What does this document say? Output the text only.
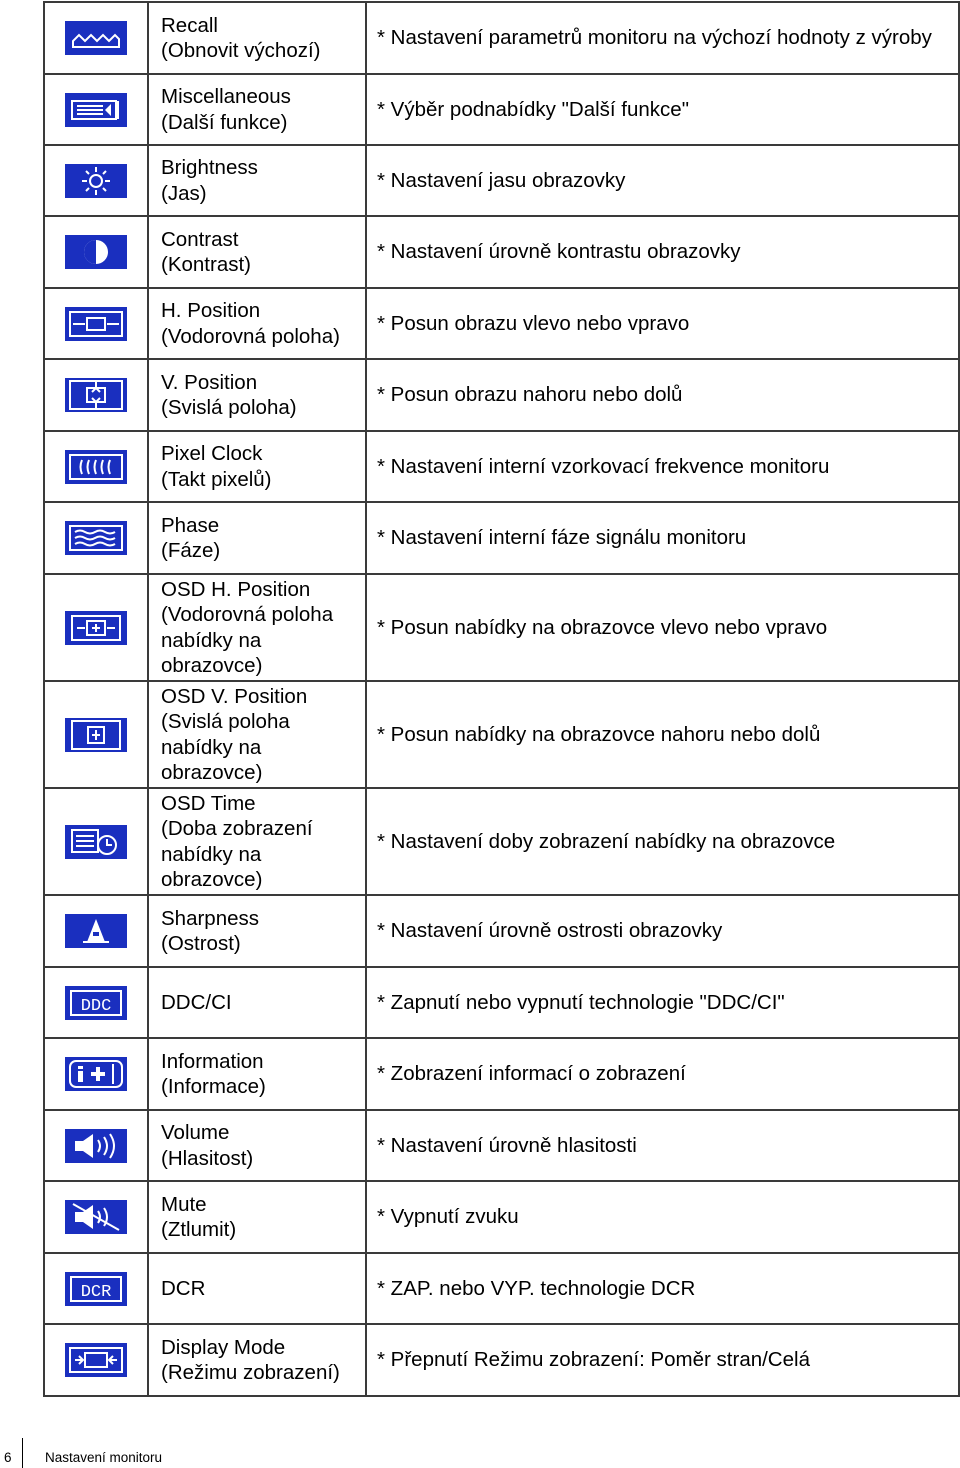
Recall
(Obnovit výchozí)	* Nastavení parametrů monitoru na výchozí hodnoty z výroby

Miscellaneous
(Další funkce)	* Výběr podnabídky "Další funkce"

Brightness
(Jas)	* Nastavení jasu obrazovky

Contrast
(Kontrast)	* Nastavení úrovně kontrastu obrazovky

H. Position
(Vodorovná poloha)	* Posun obrazu vlevo nebo vpravo

V. Position
(Svislá poloha)	* Posun obrazu nahoru nebo dolů

Pixel Clock
(Takt pixelů)	* Nastavení interní vzorkovací frekvence monitoru

Phase
(Fáze)	* Nastavení interní fáze signálu monitoru

OSD H. Position
(Vodorovná poloha
nabídky na
obrazovce)	* Posun nabídky na obrazovce vlevo nebo vpravo

OSD V. Position
(Svislá poloha
nabídky na
obrazovce)	* Posun nabídky na obrazovce nahoru nebo dolů

OSD Time
(Doba zobrazení
nabídky na
obrazovce)	* Nastavení doby zobrazení nabídky na obrazovce

Sharpness
(Ostrost)	* Nastavení úrovně ostrosti obrazovky

DDC	DDC/CI	* Zapnutí nebo vypnutí technologie "DDC/CI"

Information
(Informace)	* Zobrazení informací o zobrazení

Volume
(Hlasitost)	* Nastavení úrovně hlasitosti

Mute
(Ztlumit)	* Vypnutí zvuku

DCR	DCR	* ZAP. nebo VYP. technologie DCR

Display Mode
(Režimu zobrazení)	* Přepnutí Režimu zobrazení: Poměr stran/Celá
6 Nastavení monitoru
